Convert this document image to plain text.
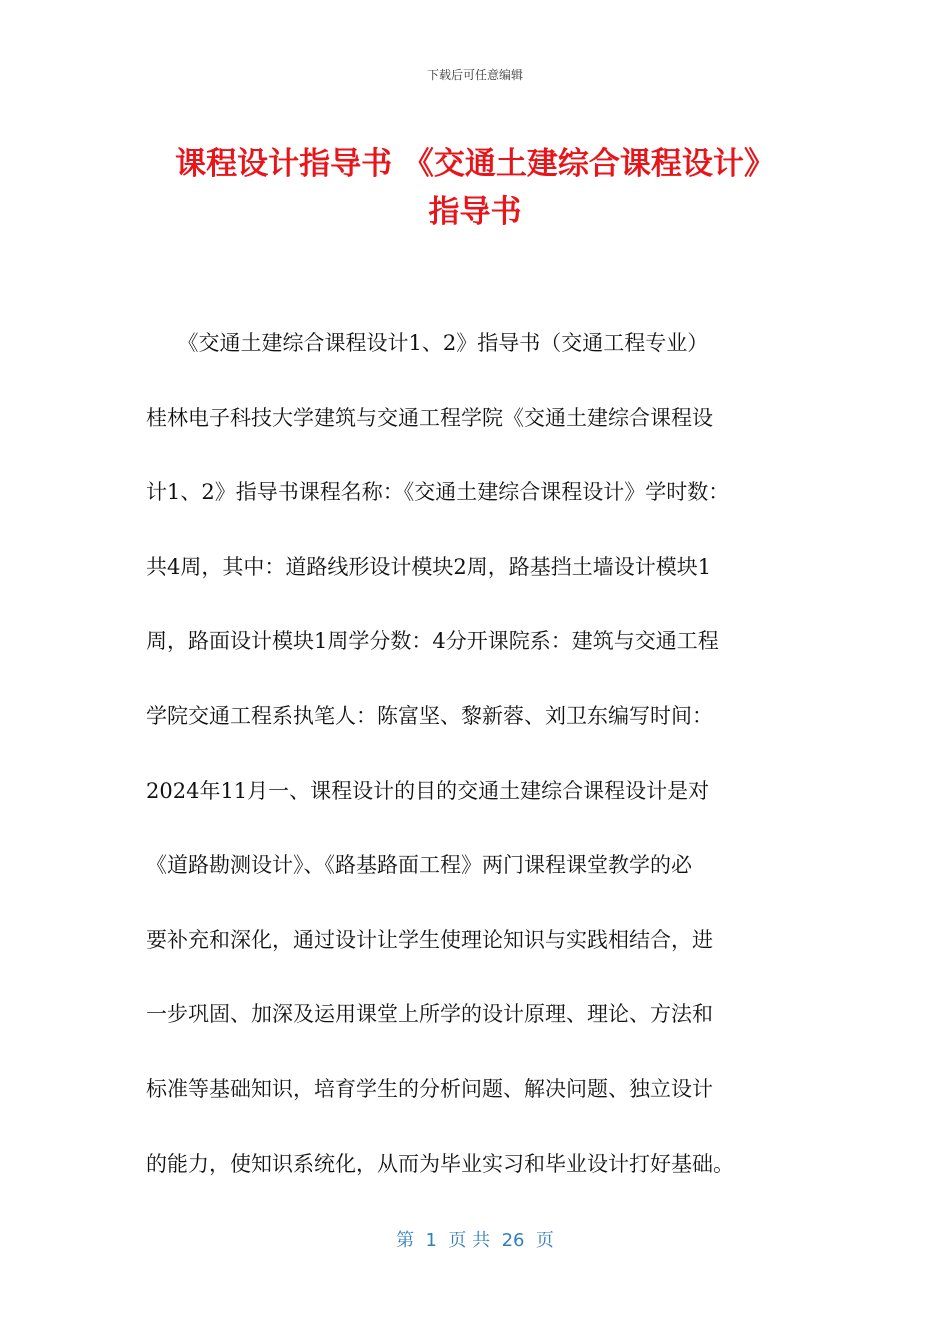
下载后可任意编辑
课程设计指导书 《交通土建综合课程设计》
指导书
　　《交通土建综合课程设计1、2》指导书（交通工程专业）
桂林电子科技大学建筑与交通工程学院《交通土建综合课程设
计1、2》指导书课程名称：《交通土建综合课程设计》学时数：
共4周，其中：道路线形设计模块2周，路基挡土墙设计模块1
周，路面设计模块1周学分数：4分开课院系：建筑与交通工程
学院交通工程系执笔人：陈富坚、黎新蓉、刘卫东编写时间：
2024年11月一、课程设计的目的交通土建综合课程设计是对
《道路勘测设计》、《路基路面工程》两门课程课堂教学的必
要补充和深化，通过设计让学生使理论知识与实践相结合，进
一步巩固、加深及运用课堂上所学的设计原理、理论、方法和
标准等基础知识，培育学生的分析问题、解决问题、独立设计
的能力，使知识系统化，从而为毕业实习和毕业设计打好基础。
第  1  页 共  26  页
